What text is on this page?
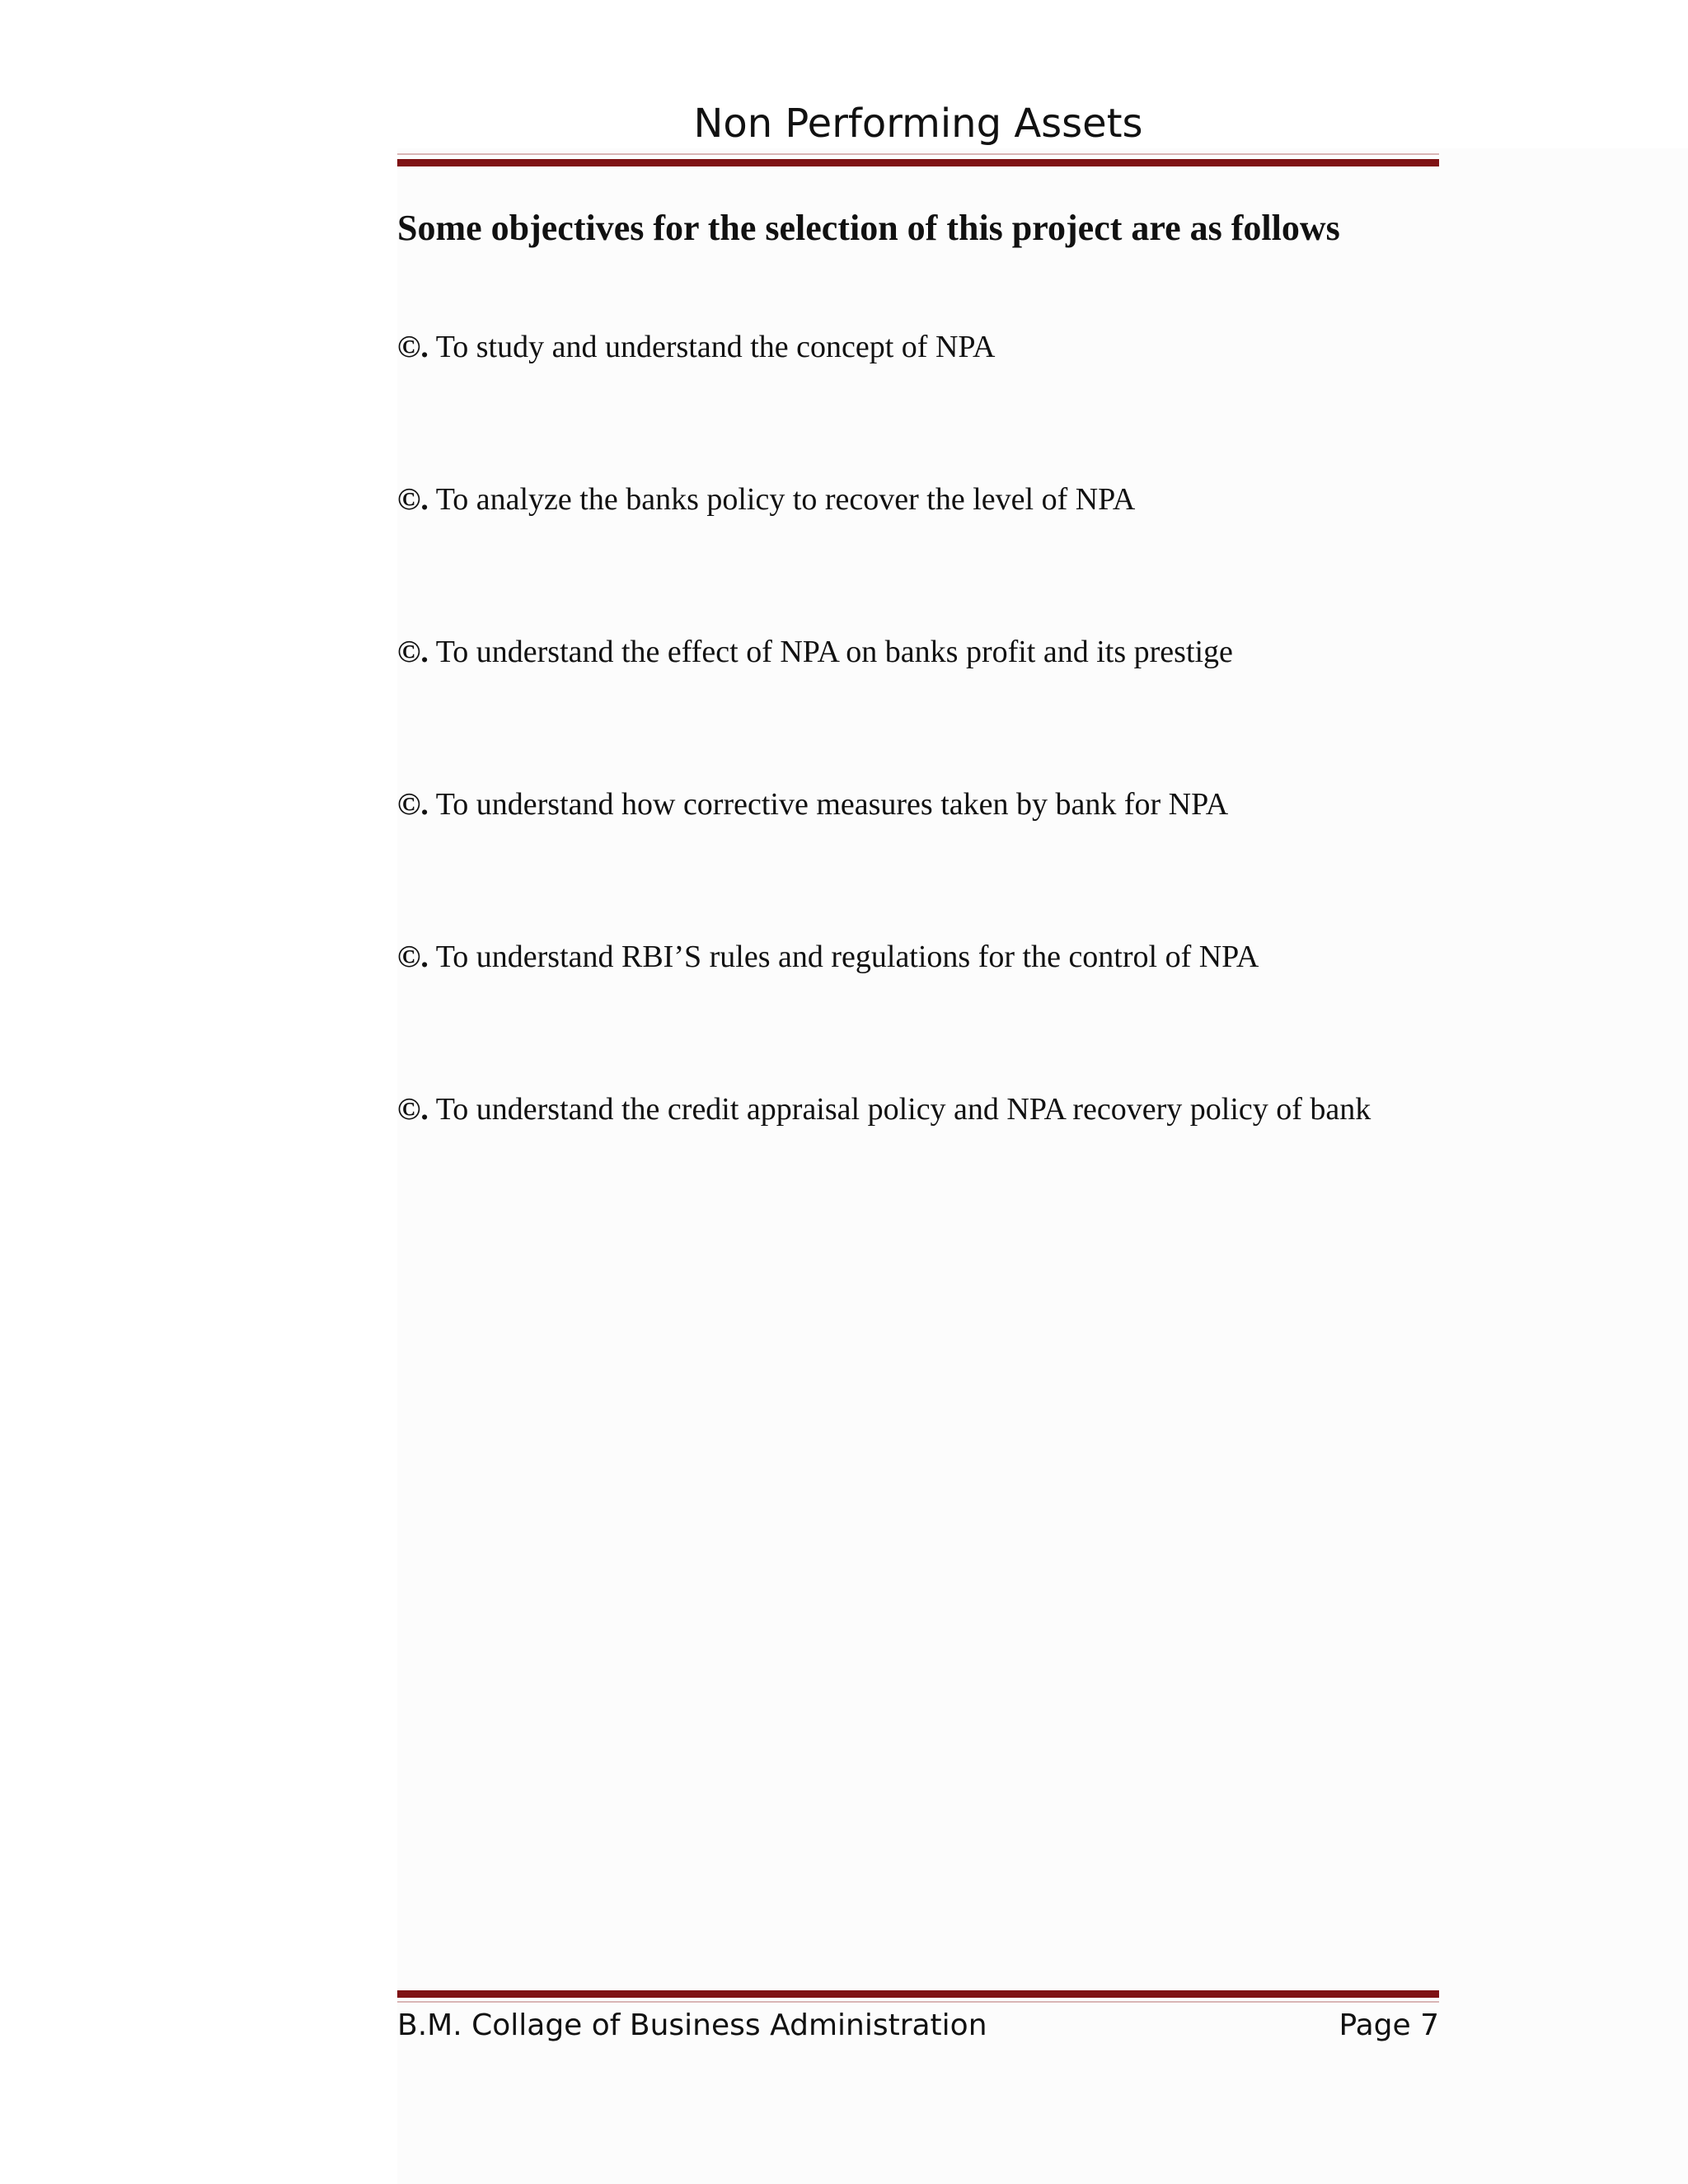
Non Performing Assets
Some objectives for the selection of this project are as follows
©. To study and understand the concept of NPA
©. To analyze the banks policy to recover the level of NPA
©. To understand the effect of NPA on banks profit and its prestige
©. To understand how corrective measures taken by bank for NPA
©. To understand RBI’S rules and regulations for the control of NPA
©. To understand the credit appraisal policy and NPA recovery policy of bank
B.M. Collage of Business Administration	Page 7
